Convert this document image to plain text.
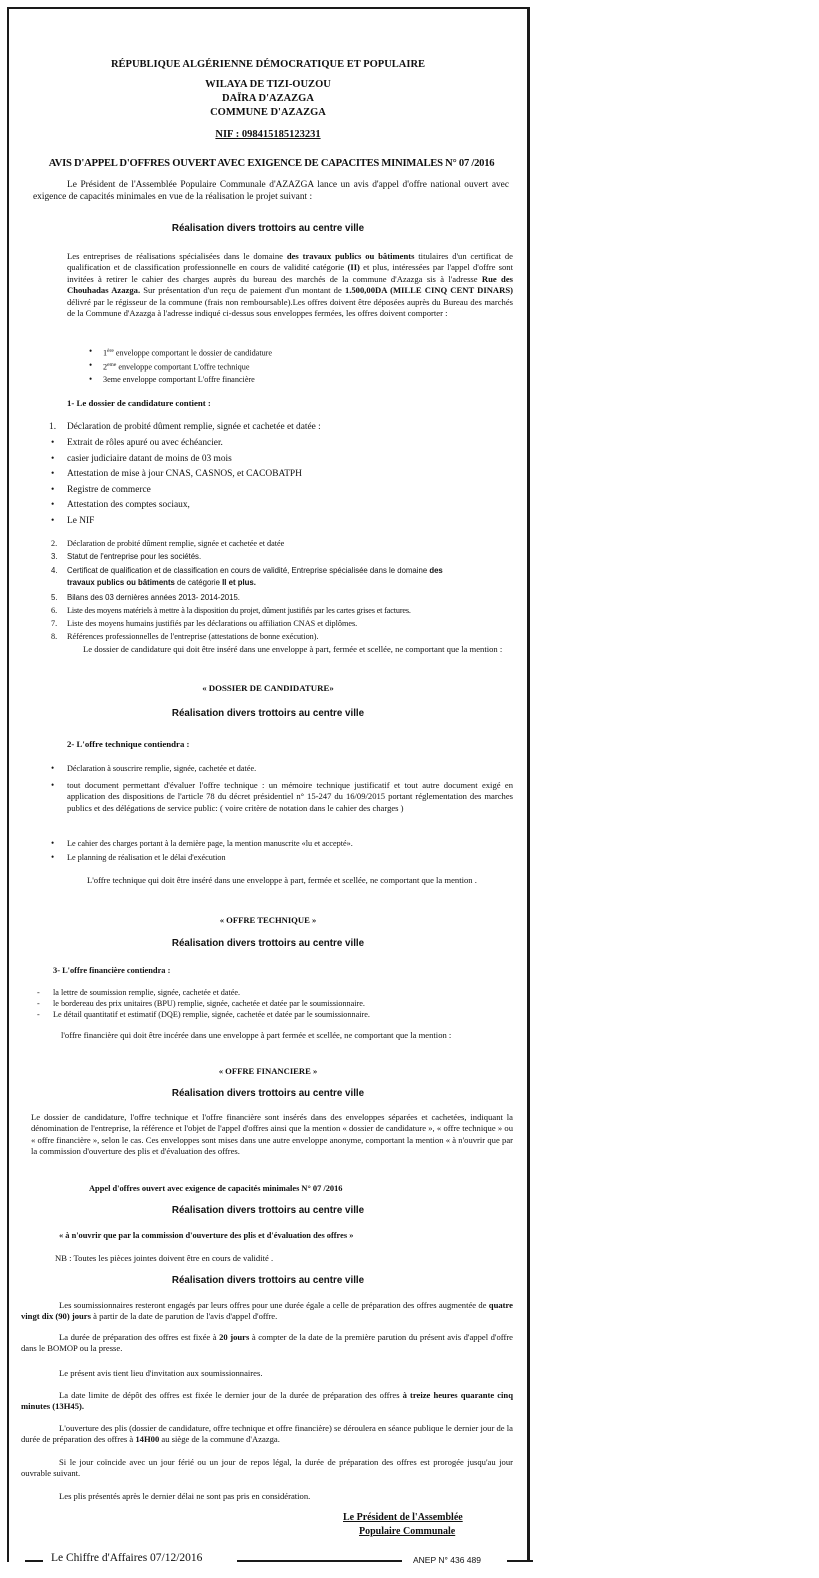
RÉPUBLIQUE ALGÉRIENNE DÉMOCRATIQUE ET POPULAIRE
WILAYA DE TIZI-OUZOU
DAÏRA D'AZAZGA
COMMUNE D'AZAZGA
NIF : 098415185123231
AVIS D'APPEL D'OFFRES OUVERT AVEC EXIGENCE DE CAPACITES MINIMALES N° 07 /2016
Le Président de l'Assemblée Populaire Communale d'AZAZGA lance un avis d'appel d'offre national ouvert avec exigence de capacités minimales en vue de la réalisation le projet suivant :
Réalisation divers trottoirs au centre ville
Les entreprises de réalisations spécialisées dans le domaine des travaux publics ou bâtiments titulaires d'un certificat de qualification et de classification professionnelle en cours de validité catégorie (II) et plus, intéressées par l'appel d'offre sont invitées à retirer le cahier des charges auprès du bureau des marchés de la commune d'Azazga sis à l'adresse Rue des Chouhadas Azazga. Sur présentation d'un reçu de paiement d'un montant de 1.500,00DA (MILLE CINQ CENT DINARS) délivré par le régisseur de la commune (frais non remboursable).Les offres doivent être déposées auprès du Bureau des marchés de la Commune d'Azazga à l'adresse indiqué ci-dessus sous enveloppes fermées, les offres doivent comporter :
• 1ère enveloppe comportant le dossier de candidature
• 2eme enveloppe comportant L'offre technique
• 3eme enveloppe comportant L'offre financière
1- Le dossier de candidature contient :
1. Déclaration de probité dûment remplie, signée et cachetée et datée :
• Extrait de rôles apuré ou avec échéancier.
• casier judiciaire datant de moins de 03 mois
• Attestation de mise à jour CNAS, CASNOS, et CACOBATPH
• Registre de commerce
• Attestation des comptes sociaux,
• Le NIF
2. Déclaration de probité dûment remplie, signée et cachetée et datée
3. Statut de l'entreprise pour les sociétés.
4. Certificat de qualification et de classification en cours de validité, Entreprise spécialisée dans le domaine des
travaux publics ou bâtiments de catégorie II et plus.
5. Bilans des 03 dernières années 2013- 2014-2015.
6. Liste des moyens matériels à mettre à la disposition du projet, dûment justifiés par les cartes grises et factures.
7. Liste des moyens humains justifiés par les déclarations ou affiliation CNAS et diplômes.
8. Références professionnelles de l'entreprise (attestations de bonne exécution).
Le dossier de candidature qui doit être inséré dans une enveloppe à part, fermée et scellée, ne comportant que la mention :
« DOSSIER DE CANDIDATURE»
Réalisation divers trottoirs au centre ville
2- L'offre technique contiendra :
• Déclaration à souscrire remplie, signée, cachetée et datée.
• tout document permettant d'évaluer l'offre technique : un mémoire technique justificatif et tout autre document exigé en application des dispositions de l'article 78 du décret présidentiel n° 15-247 du 16/09/2015 portant réglementation des marches publics et des délégations de service public: ( voire critère de notation dans le cahier des charges )
• Le cahier des charges portant à la dernière page, la mention manuscrite «lu et accepté».
• Le planning de réalisation et le délai d'exécution
L'offre technique qui doit être inséré dans une enveloppe à part, fermée et scellée, ne comportant que la mention .
« OFFRE TECHNIQUE »
Réalisation divers trottoirs au centre ville
3- L'offre financière contiendra :
- la lettre de soumission remplie, signée, cachetée et datée.
- le bordereau des prix unitaires (BPU) remplie, signée, cachetée et datée par le soumissionnaire.
- Le détail quantitatif et estimatif (DQE) remplie, signée, cachetée et datée par le soumissionnaire.
l'offre financière qui doit être incérée dans une enveloppe à part fermée et scellée, ne comportant que la mention :
« OFFRE FINANCIERE »
Réalisation divers trottoirs au centre ville
Le dossier de candidature, l'offre technique et l'offre financière sont insérés dans des enveloppes séparées et cachetées, indiquant la dénomination de l'entreprise, la référence et l'objet de l'appel d'offres ainsi que la mention « dossier de candidature », « offre technique » ou « offre financière », selon le cas. Ces enveloppes sont mises dans une autre enveloppe anonyme, comportant la mention « à n'ouvrir que par la commission d'ouverture des plis et d'évaluation des offres.
Appel d'offres ouvert avec exigence de capacités minimales N° 07 /2016
Réalisation divers trottoirs au centre ville
« à n'ouvrir que par la commission d'ouverture des plis et d'évaluation des offres »
NB : Toutes les pièces jointes doivent être en cours de validité .
Réalisation divers trottoirs au centre ville
Les soumissionnaires resteront engagés par leurs offres pour une durée égale a celle de préparation des offres augmentée de quatre vingt dix (90) jours à partir de la date de parution de l'avis d'appel d'offre.
La durée de préparation des offres est fixée à 20 jours à compter de la date de la première parution du présent avis d'appel d'offre dans le BOMOP ou la presse.
Le présent avis tient lieu d'invitation aux soumissionnaires.
La date limite de dépôt des offres est fixée le dernier jour de la durée de préparation des offres à treize heures quarante cinq minutes (13H45).
L'ouverture des plis (dossier de candidature, offre technique et offre financière) se déroulera en séance publique le dernier jour de la durée de préparation des offres à 14H00 au siège de la commune d'Azazga.
Si le jour coïncide avec un jour férié ou un jour de repos légal, la durée de préparation des offres est prorogée jusqu'au jour ouvrable suivant.
Les plis présentés après le dernier délai ne sont pas pris en considération.
Le Président de l'Assemblée
Populaire Communale
Le Chiffre d'Affaires 07/12/2016	ANEP N° 436 489
